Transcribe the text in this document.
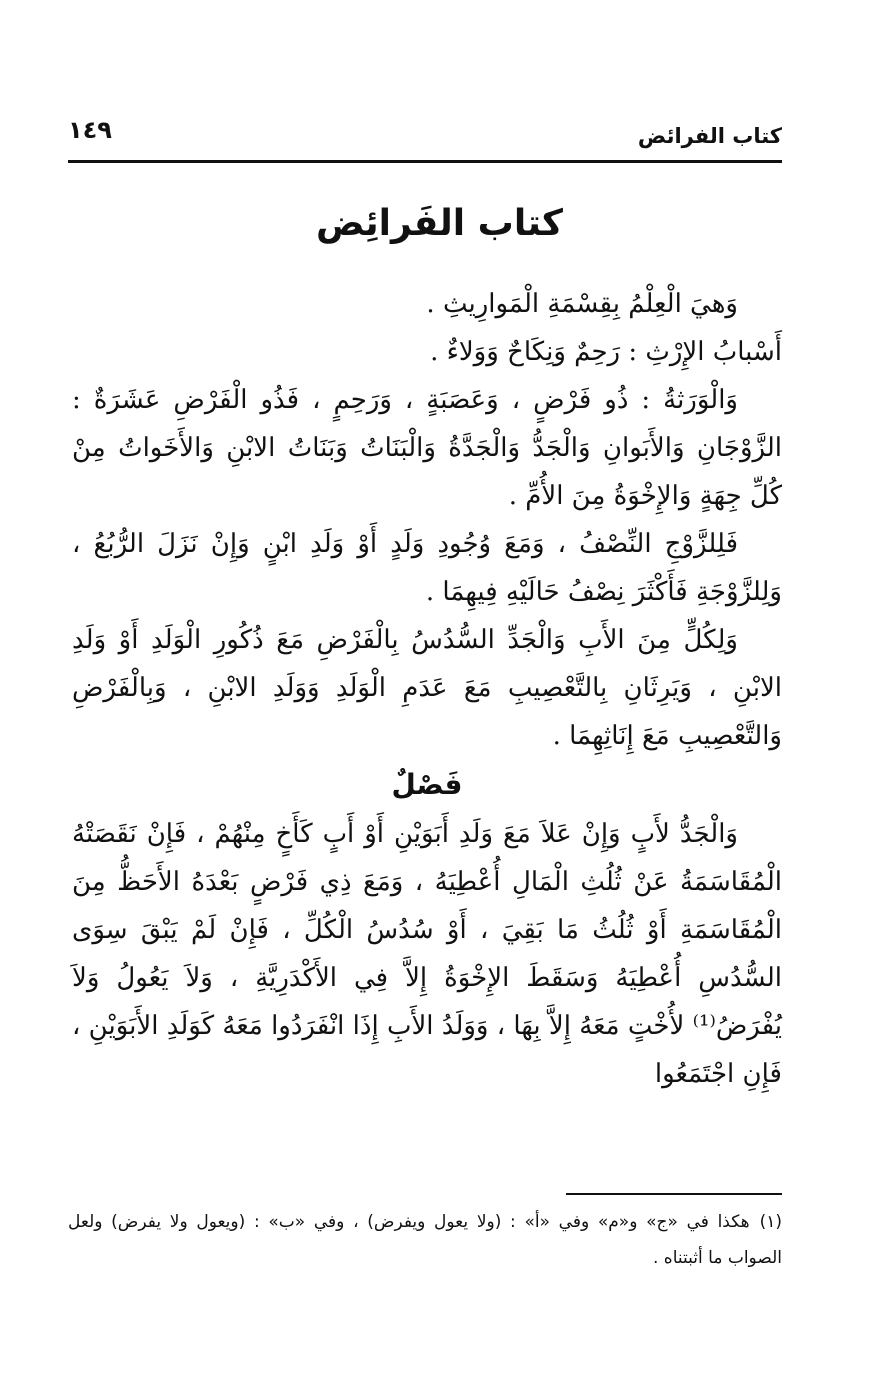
كتاب الفرائض
١٤٩
كتاب الفَرائِض

وَهيَ الْعِلْمُ بِقِسْمَةِ الْمَوارِيثِ .

أَسْبابُ الإِرْثِ : رَحِمٌ وَنِكَاحٌ وَوَلاءٌ .

وَالْوَرَثةُ : ذُو فَرْضٍ ، وَعَصَبَةٍ ، وَرَحِمٍ ، فَذُو الْفَرْضِ عَشَرَةٌ : الزَّوْجَانِ وَالأَبَوانِ وَالْجَدُّ وَالْجَدَّةُ وَالْبَنَاتُ وَبَنَاتُ الابْنِ وَالأَخَواتُ مِنْ كُلِّ جِهَةٍ وَالإِخْوَةُ مِنَ الأُمِّ .

فَلِلزَّوْجِ النِّصْفُ ، وَمَعَ وُجُودِ وَلَدٍ أَوْ وَلَدِ ابْنٍ وَإِنْ نَزَلَ الرُّبُعُ ، وَلِلزَّوْجَةِ فَأَكْثَرَ نِصْفُ حَالَيْهِ فِيهِمَا .

وَلِكُلٍّ مِنَ الأَبِ وَالْجَدِّ السُّدُسُ بِالْفَرْضِ مَعَ ذُكُورِ الْوَلَدِ أَوْ وَلَدِ الابْنِ ، وَيَرِثَانِ بِالتَّعْصِيبِ مَعَ عَدَمِ الْوَلَدِ وَوَلَدِ الابْنِ ، وَبِالْفَرْضِ وَالتَّعْصِيبِ مَعَ إِنَاثِهِمَا .

فَصْلٌ

وَالْجَدُّ لأَبٍ وَإِنْ عَلاَ مَعَ وَلَدِ أَبَوَيْنِ أَوْ أَبٍ كَأَخٍ مِنْهُمْ ، فَإِنْ نَقَصَتْهُ الْمُقَاسَمَةُ عَنْ ثُلُثِ الْمَالِ أُعْطِيَهُ ، وَمَعَ ذِي فَرْضٍ بَعْدَهُ الأَحَظُّ مِنَ الْمُقَاسَمَةِ أَوْ ثُلُثُ مَا بَقِيَ ، أَوْ سُدُسُ الْكُلِّ ، فَإِنْ لَمْ يَبْقَ سِوَى السُّدُسِ أُعْطِيَهُ وَسَقَطَ الإِخْوَةُ إِلاَّ فِي الأَكْدَرِيَّةِ ، وَلاَ يَعُولُ وَلاَ يُفْرَضُ⁽¹⁾ لأُخْتٍ مَعَهُ إِلاَّ بِهَا ، وَوَلَدُ الأَبِ إِذَا انْفَرَدُوا مَعَهُ كَوَلَدِ الأَبَوَيْنِ ، فَإِنِ اجْتَمَعُوا

(١)هكذا في «ج» و«م» وفي «أ» : (ولا يعول ويفرض) ، وفي «ب» : (ويعول ولا يفرض) ولعل الصواب ما أثبتناه .
